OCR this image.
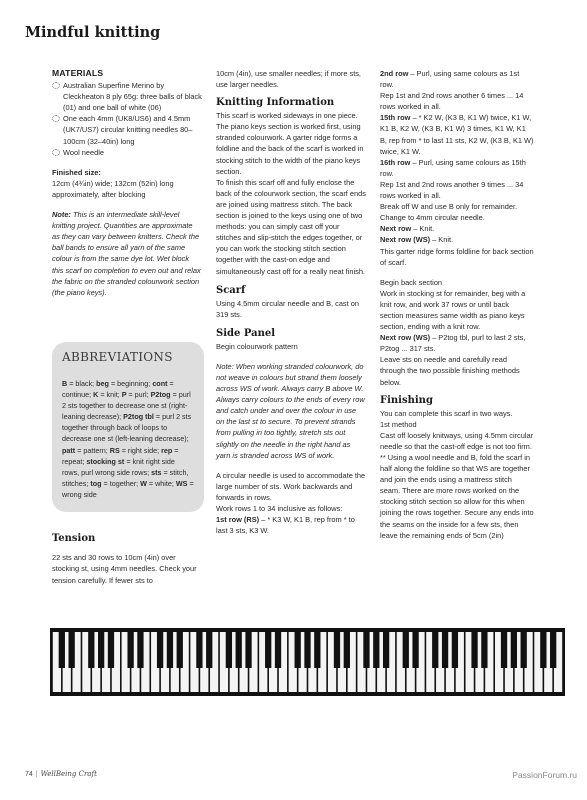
Mindful knitting
MATERIALS
Australian Superfine Merino by Cleckheaton 8 ply 65g: three balls of black (01) and one ball of white (06)
One each 4mm (UK8/US6) and 4.5mm (UK7/US7) circular knitting needles 80–100cm (32–40in) long
Wool needle

Finished size:

12cm (4¾in) wide; 132cm (52in) long approximately, after blocking

Note: This is an intermediate skill-level knitting project. Quantities are approximate as they can vary between knitters. Check the ball bands to ensure all yarn of the same colour is from the same dye lot. Wet block this scarf on completion to even out and relax the fabric on the stranded colourwork section (the piano keys).

ABBREVIATIONS
B = black; beg = beginning; cont = continue; K = knit; P = purl; P2tog = purl 2 sts together to decrease one st (right-leaning decrease); P2tog tbl = purl 2 sts together through back of loops to decrease one st (left-leaning decrease); patt = pattern; RS = right side; rep = repeat; stocking st = knit right side rows, purl wrong side rows; sts = stitch, stitches; tog = together; W = white; WS = wrong side
Tension

22 sts and 30 rows to 10cm (4in) over stocking st, using 4mm needles. Check your tension carefully. If fewer sts to

10cm (4in), use smaller needles; if more sts, use larger needles.

Knitting Information

This scarf is worked sideways in one piece. The piano keys section is worked first, using stranded colourwork. A garter ridge forms a foldline and the back of the scarf is worked in stocking stitch to the width of the piano keys section.

To finish this scarf off and fully enclose the back of the colourwork section, the scarf ends are joined using mattress stitch. The back section is joined to the keys using one of two methods: you can simply cast off your stitches and slip-stitch the edges together, or you can work the stocking stitch section together with the cast-on edge and simultaneously cast off for a really neat finish.

Scarf

Using 4.5mm circular needle and B, cast on 319 sts.

Side Panel

Begin colourwork pattern

Note: When working stranded colourwork, do not weave in colours but strand them loosely across WS of work. Always carry B above W. Always carry colours to the ends of every row and catch under and over the colour in use on the last st to secure. To prevent strands from pulling in too tightly, stretch sts out slightly on the needle in the right hand as yarn is stranded across WS of work.

A circular needle is used to accommodate the large number of sts. Work backwards and forwards in rows.

Work rows 1 to 34 inclusive as follows:

1st row (RS) – * K3 W, K1 B, rep from * to last 3 sts, K3 W.

2nd row – Purl, using same colours as 1st row.

Rep 1st and 2nd rows another 6 times ... 14 rows worked in all.

15th row – * K2 W, (K3 B, K1 W) twice, K1 W, K1 B, K2 W, (K3 B, K1 W) 3 times, K1 W, K1 B, rep from * to last 11 sts, K2 W, (K3 B, K1 W) twice, K1 W.

16th row – Purl, using same colours as 15th row.

Rep 1st and 2nd rows another 9 times ... 34 rows worked in all.

Break off W and use B only for remainder. Change to 4mm circular needle.

Next row – Knit.

Next row (WS) – Knit.

This garter ridge forms foldline for back section of scarf.

Begin back section

Work in stocking st for remainder, beg with a knit row, and work 37 rows or until back section measures same width as piano keys section, ending with a knit row.

Next row (WS) – P2tog tbl, purl to last 2 sts, P2tog ... 317 sts.

Leave sts on needle and carefully read through the two possible finishing methods below.

Finishing

You can complete this scarf in two ways.

1st method

Cast off loosely knitways, using 4.5mm circular needle so that the cast-off edge is not too firm.

** Using a wool needle and B, fold the scarf in half along the foldline so that WS are together and join the ends using a mattress stitch seam. There are more rows worked on the stocking stitch section so allow for this when joining the rows together. Secure any ends into the seams on the inside for a few sts, then leave the remaining ends of 5cm (2in)

74 | WellBeing Craft	PassionForum.ru
